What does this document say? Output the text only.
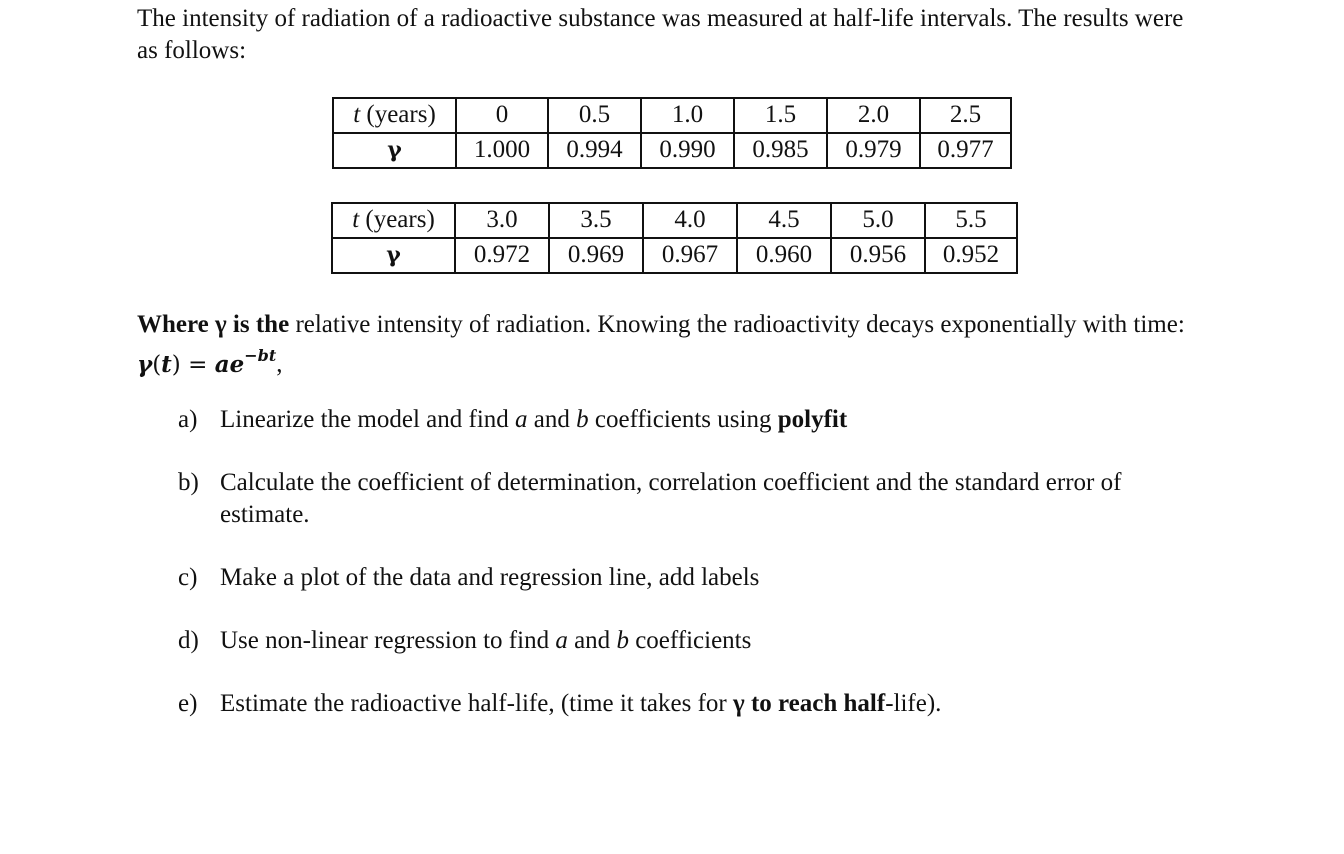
The intensity of radiation of a radioactive substance was measured at half-life intervals. The results were as follows:

t (years)	0	0.5	1.0	1.5	2.0	2.5
γ	1.000	0.994	0.990	0.985	0.979	0.977
t (years)	3.0	3.5	4.0	4.5	5.0	5.5
γ	0.972	0.969	0.967	0.960	0.956	0.952

Where γ is the relative intensity of radiation. Knowing the radioactivity decays exponentially with time: $\gamma(t) = ae^{-bt}$,

a) Linearize the model and find a and b coefficients using polyfit

b) Calculate the coefficient of determination, correlation coefficient and the standard error of estimate.

c) Make a plot of the data and regression line, add labels

d) Use non-linear regression to find a and b coefficients

e) Estimate the radioactive half-life, (time it takes for γ to reach half-life).
